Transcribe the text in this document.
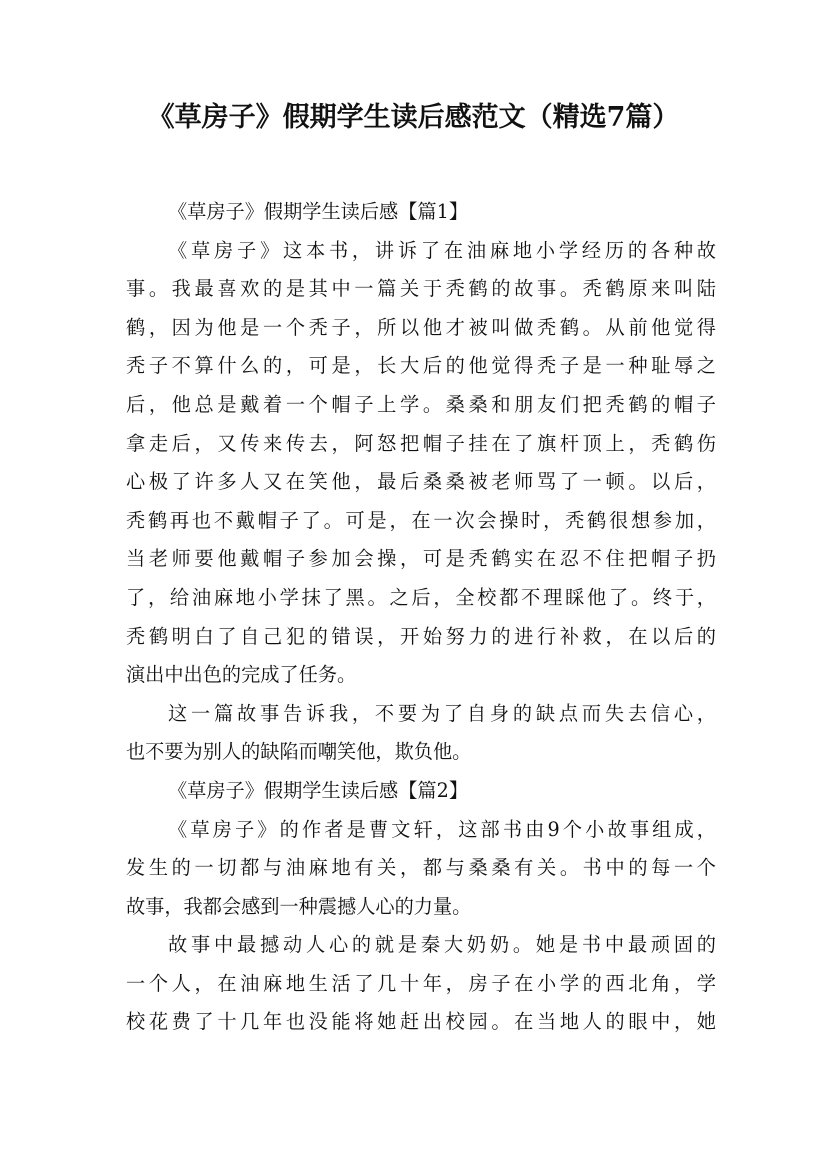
《草房子》假期学生读后感范文（精选7篇）
《草房子》假期学生读后感【篇1】
《草房子》这本书，讲诉了在油麻地小学经历的各种故
事。我最喜欢的是其中一篇关于秃鹤的故事。秃鹤原来叫陆
鹤，因为他是一个秃子，所以他才被叫做秃鹤。从前他觉得
秃子不算什么的，可是，长大后的他觉得秃子是一种耻辱之
后，他总是戴着一个帽子上学。桑桑和朋友们把秃鹤的帽子
拿走后，又传来传去，阿怒把帽子挂在了旗杆顶上，秃鹤伤
心极了许多人又在笑他，最后桑桑被老师骂了一顿。以后，
秃鹤再也不戴帽子了。可是，在一次会操时，秃鹤很想参加，
当老师要他戴帽子参加会操，可是秃鹤实在忍不住把帽子扔
了，给油麻地小学抹了黑。之后，全校都不理睬他了。终于，
秃鹤明白了自己犯的错误，开始努力的进行补救，在以后的
演出中出色的完成了任务。
这一篇故事告诉我，不要为了自身的缺点而失去信心，
也不要为别人的缺陷而嘲笑他，欺负他。
《草房子》假期学生读后感【篇2】
《草房子》的作者是曹文轩，这部书由9个小故事组成，
发生的一切都与油麻地有关，都与桑桑有关。书中的每一个
故事，我都会感到一种震撼人心的力量。
故事中最撼动人心的就是秦大奶奶。她是书中最顽固的
一个人，在油麻地生活了几十年，房子在小学的西北角，学
校花费了十几年也没能将她赶出校园。在当地人的眼中，她
